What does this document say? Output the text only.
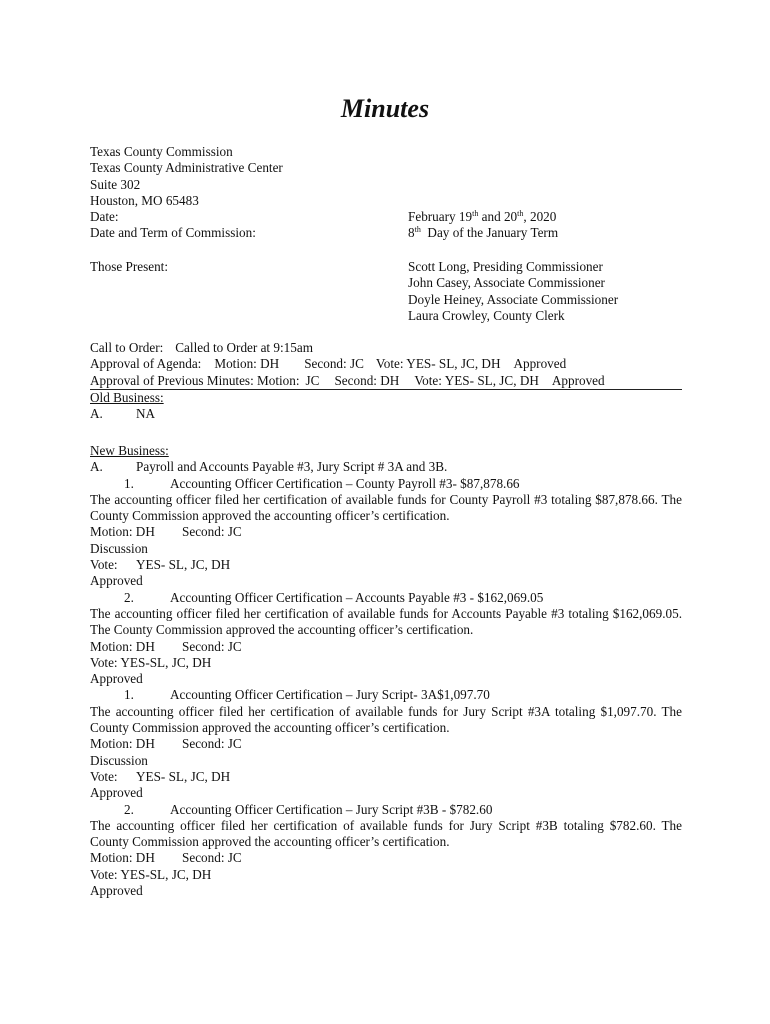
Minutes
Texas County Commission
Texas County Administrative Center
Suite 302
Houston, MO 65483
Date:	February 19th and 20th, 2020
Date and Term of Commission:	8th  Day of the January Term
Those Present:	Scott Long, Presiding Commissioner
John Casey, Associate Commissioner
Doyle Heiney, Associate Commissioner
Laura Crowley, County Clerk
Call to Order: Called to Order at 9:15am
Approval of Agenda: Motion: DH Second: JC Vote: YES- SL, JC, DH Approved
Approval of Previous Minutes: Motion: JC Second: DH Vote: YES- SL, JC, DH Approved
Old Business:
A.	NA
New Business:
A.	Payroll and Accounts Payable #3, Jury Script # 3A and 3B.
1.	Accounting Officer Certification – County Payroll #3- $87,878.66
The accounting officer filed her certification of available funds for County Payroll #3 totaling $87,878.66. The County Commission approved the accounting officer’s certification.
Motion: DH Second: JC
Discussion
Vote: YES- SL, JC, DH
Approved
2.	Accounting Officer Certification – Accounts Payable #3 - $162,069.05
The accounting officer filed her certification of available funds for Accounts Payable #3 totaling $162,069.05. The County Commission approved the accounting officer’s certification.
Motion: DH Second: JC
Vote: YES-SL, JC, DH
Approved
1.	Accounting Officer Certification – Jury Script- 3A$1,097.70
The accounting officer filed her certification of available funds for Jury Script #3A totaling $1,097.70. The County Commission approved the accounting officer’s certification.
Motion: DH Second: JC
Discussion
Vote: YES- SL, JC, DH
Approved
2.	Accounting Officer Certification – Jury Script #3B - $782.60
The accounting officer filed her certification of available funds for Jury Script #3B totaling $782.60. The County Commission approved the accounting officer’s certification.
Motion: DH Second: JC
Vote: YES-SL, JC, DH
Approved
